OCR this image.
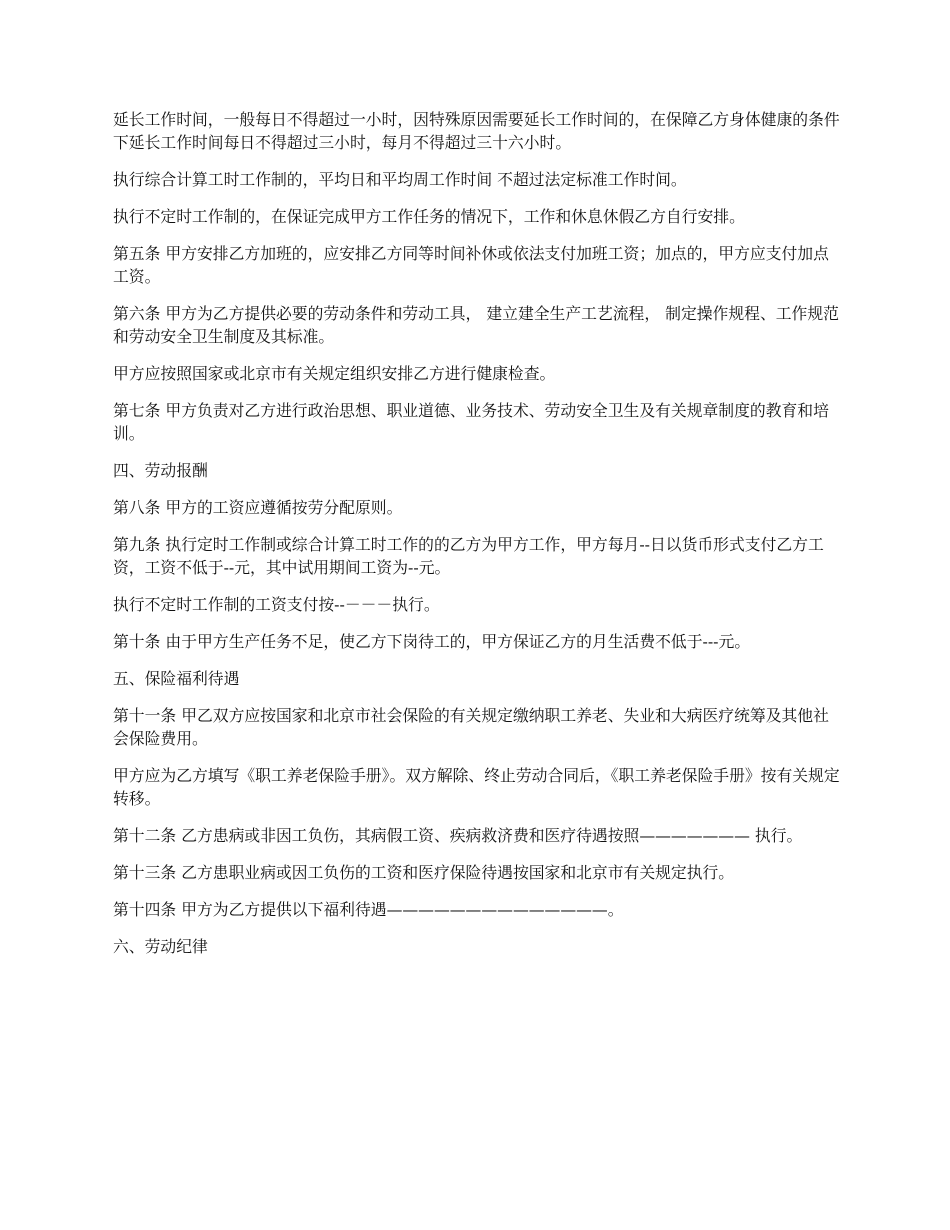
延长工作时间，一般每日不得超过一小时，因特殊原因需要延长工作时间的，在保障乙方身体健康的条件下延长工作时间每日不得超过三小时，每月不得超过三十六小时。

执行综合计算工时工作制的，平均日和平均周工作时间 不超过法定标准工作时间。

执行不定时工作制的，在保证完成甲方工作任务的情况下，工作和休息休假乙方自行安排。

第五条 甲方安排乙方加班的，应安排乙方同等时间补休或依法支付加班工资；加点的，甲方应支付加点工资。

第六条 甲方为乙方提供必要的劳动条件和劳动工具， 建立建全生产工艺流程， 制定操作规程、工作规范和劳动安全卫生制度及其标准。

甲方应按照国家或北京市有关规定组织安排乙方进行健康检查。

第七条 甲方负责对乙方进行政治思想、职业道德、业务技术、劳动安全卫生及有关规章制度的教育和培训。

四、劳动报酬

第八条 甲方的工资应遵循按劳分配原则。

第九条 执行定时工作制或综合计算工时工作的的乙方为甲方工作，甲方每月--日以货币形式支付乙方工资，工资不低于--元，其中试用期间工资为--元。

执行不定时工作制的工资支付按--－－－执行。

第十条 由于甲方生产任务不足，使乙方下岗待工的，甲方保证乙方的月生活费不低于---元。

五、保险福利待遇

第十一条 甲乙双方应按国家和北京市社会保险的有关规定缴纳职工养老、失业和大病医疗统筹及其他社会保险费用。

甲方应为乙方填写《职工养老保险手册》。双方解除、终止劳动合同后，《职工养老保险手册》按有关规定转移。

第十二条 乙方患病或非因工负伤，其病假工资、疾病救济费和医疗待遇按照——————— 执行。

第十三条 乙方患职业病或因工负伤的工资和医疗保险待遇按国家和北京市有关规定执行。

第十四条 甲方为乙方提供以下福利待遇——————————————。

六、劳动纪律
